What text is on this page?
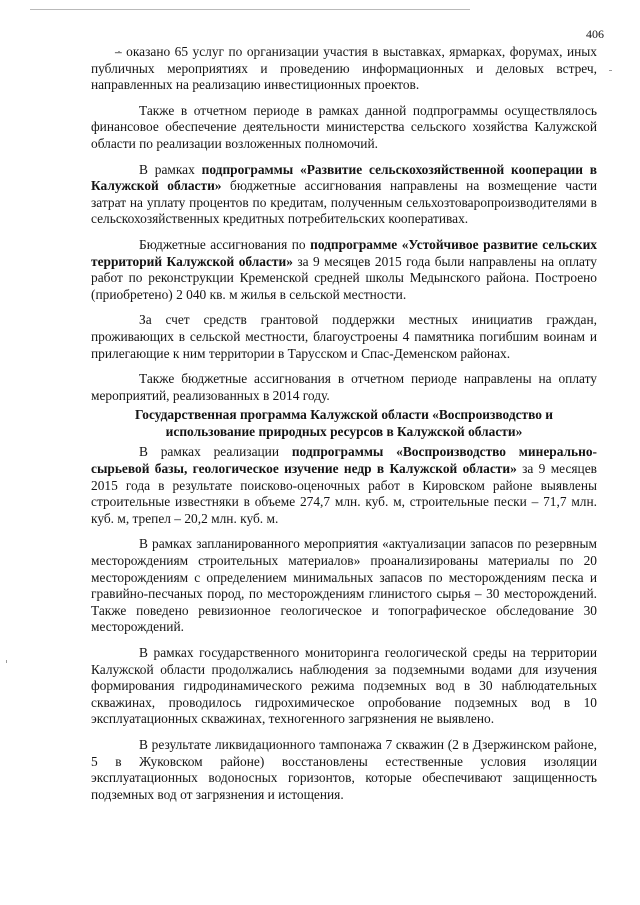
406

– оказано 65 услуг по организации участия в выставках, ярмарках, форумах, иных публичных мероприятиях и проведению информационных и деловых встреч, направленных на реализацию инвестиционных проектов.

Также в отчетном периоде в рамках данной подпрограммы осуществлялось финансовое обеспечение деятельности министерства сельского хозяйства Калужской области по реализации возложенных полномочий.

В рамках подпрограммы «Развитие сельскохозяйственной кооперации в Калужской области» бюджетные ассигнования направлены на возмещение части затрат на уплату процентов по кредитам, полученным сельхозтоваропроизводителями в сельскохозяйственных кредитных потребительских кооперативах.

Бюджетные ассигнования по подпрограмме «Устойчивое развитие сельских территорий Калужской области» за 9 месяцев 2015 года были направлены на оплату работ по реконструкции Кременской средней школы Медынского района. Построено (приобретено) 2 040 кв. м жилья в сельской местности.

За счет средств грантовой поддержки местных инициатив граждан, проживающих в сельской местности, благоустроены 4 памятника погибшим воинам и прилегающие к ним территории в Тарусском и Спас-Деменском районах.

Также бюджетные ассигнования в отчетном периоде направлены на оплату мероприятий, реализованных в 2014 году.

Государственная программа Калужской области «Воспроизводство и использование природных ресурсов в Калужской области»

В рамках реализации подпрограммы «Воспроизводство минерально-сырьевой базы, геологическое изучение недр в Калужской области» за 9 месяцев 2015 года в результате поисково-оценочных работ в Кировском районе выявлены строительные известняки в объеме 274,7 млн. куб. м, строительные пески – 71,7 млн. куб. м, трепел – 20,2 млн. куб. м.

В рамках запланированного мероприятия «актуализации запасов по резервным месторождениям строительных материалов» проанализированы материалы по 20 месторождениям с определением минимальных запасов по месторождениям песка и гравийно-песчаных пород, по месторождениям глинистого сырья – 30 месторождений. Также поведено ревизионное геологическое и топографическое обследование 30 месторождений.

В рамках государственного мониторинга геологической среды на территории Калужской области продолжались наблюдения за подземными водами для изучения формирования гидродинамического режима подземных вод в 30 наблюдательных скважинах, проводилось гидрохимическое опробование подземных вод в 10 эксплуатационных скважинах, техногенного загрязнения не выявлено.

В результате ликвидационного тампонажа 7 скважин (2 в Дзержинском районе, 5 в Жуковском районе) восстановлены естественные условия изоляции эксплуатационных водоносных горизонтов, которые обеспечивают защищенность подземных вод от загрязнения и истощения.
